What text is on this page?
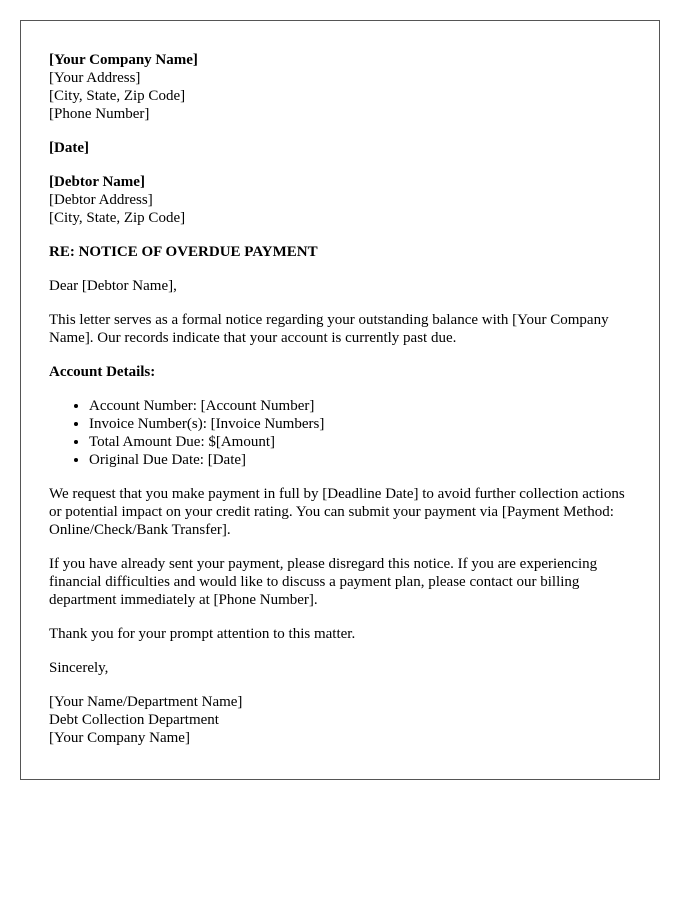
[Your Company Name]
[Your Address]
[City, State, Zip Code]
[Phone Number]
[Date]
[Debtor Name]
[Debtor Address]
[City, State, Zip Code]

RE: NOTICE OF OVERDUE PAYMENT

Dear [Debtor Name],

This letter serves as a formal notice regarding your outstanding balance with [Your Company Name]. Our records indicate that your account is currently past due.

Account Details:

• Account Number: [Account Number]
• Invoice Number(s): [Invoice Numbers]
• Total Amount Due: $[Amount]
• Original Due Date: [Date]

We request that you make payment in full by [Deadline Date] to avoid further collection actions or potential impact on your credit rating. You can submit your payment via [Payment Method: Online/Check/Bank Transfer].

If you have already sent your payment, please disregard this notice. If you are experiencing financial difficulties and would like to discuss a payment plan, please contact our billing department immediately at [Phone Number].

Thank you for your prompt attention to this matter.

Sincerely,

[Your Name/Department Name]
Debt Collection Department
[Your Company Name]
